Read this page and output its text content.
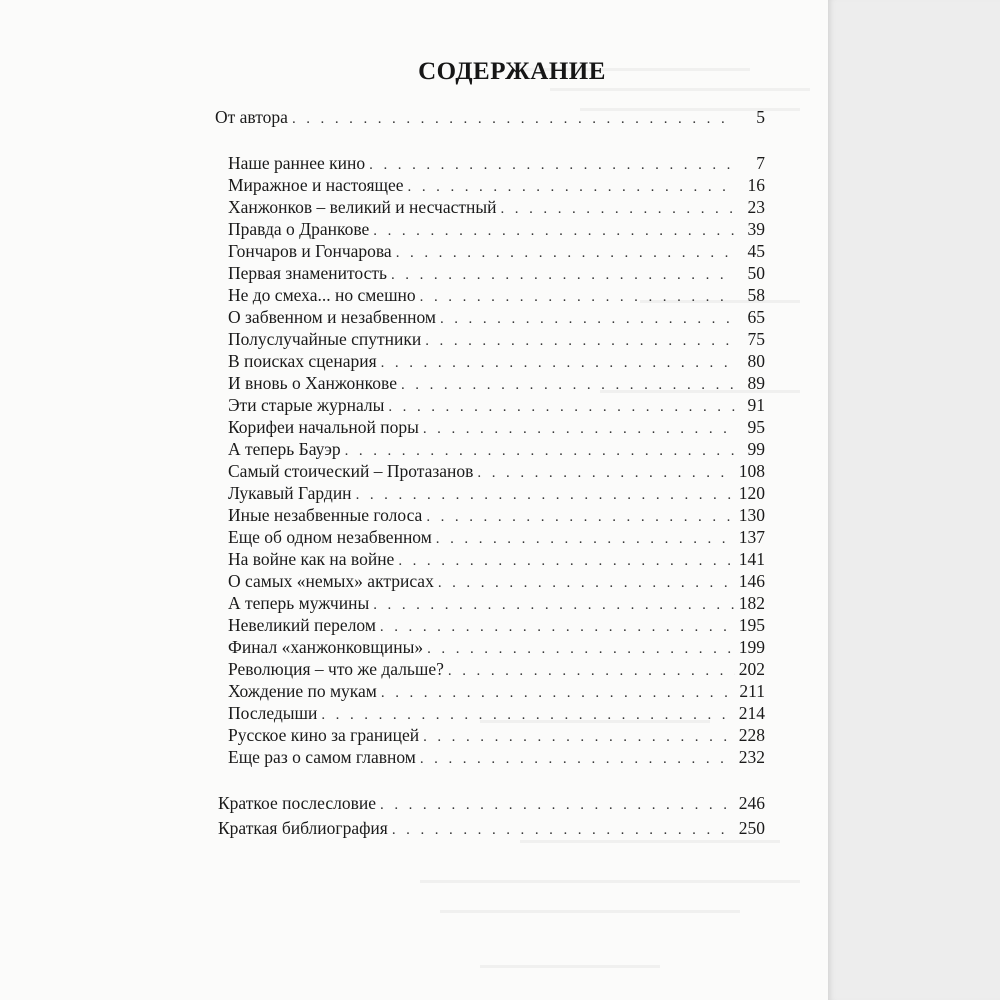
СОДЕРЖАНИЕ
От автора . . .	5
Наше раннее кино . . .	7
Миражное и настоящее . . .	16
Ханжонков – великий и несчастный . . .	23
Правда о Дранкове . . .	39
Гончаров и Гончарова . . .	45
Первая знаменитость . . .	50
Не до смеха... но смешно . . .	58
О забвенном и незабвенном . . .	65
Полуслучайные спутники . . .	75
В поисках сценария . . .	80
И вновь о Ханжонкове . . .	89
Эти старые журналы . . .	91
Корифеи начальной поры . . .	95
А теперь Бауэр . . .	99
Самый стоический – Протазанов . . .	108
Лукавый Гардин . . .	120
Иные незабвенные голоса . . .	130
Еще об одном незабвенном . . .	137
На войне как на войне . . .	141
О самых «немых» актрисах . . .	146
А теперь мужчины . . .	182
Невеликий перелом . . .	195
Финал «ханжонковщины» . . .	199
Революция – что же дальше? . . .	202
Хождение по мукам . . .	211
Последыши . . .	214
Русское кино за границей . . .	228
Еще раз о самом главном . . .	232
Краткое послесловие . . .	246
Краткая библиография . . .	250
